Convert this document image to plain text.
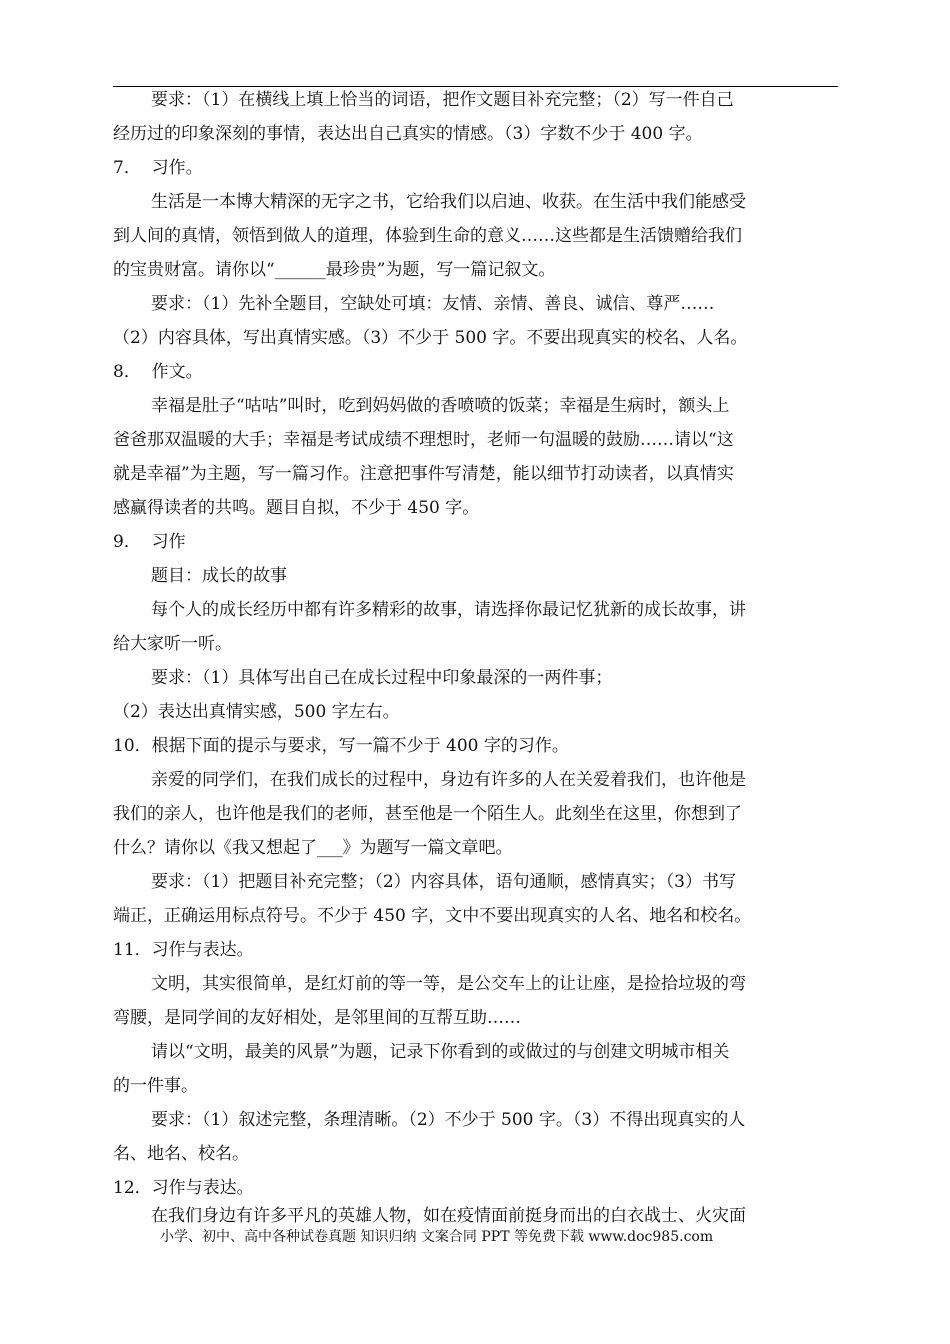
要求：（1）在横线上填上恰当的词语，把作文题目补充完整；（2）写一件自己
经历过的印象深刻的事情，表达出自己真实的情感。（3）字数不少于 400 字。
7．  习作。
生活是一本博大精深的无字之书，它给我们以启迪、收获。在生活中我们能感受
到人间的真情，领悟到做人的道理，体验到生命的意义……这些都是生活馈赠给我们
的宝贵财富。请你以“______最珍贵”为题，写一篇记叙文。
要求：（1）先补全题目，空缺处可填：友情、亲情、善良、诚信、尊严……
（2）内容具体，写出真情实感。（3）不少于 500 字。不要出现真实的校名、人名。
8．  作文。
幸福是肚子“咕咕”叫时，吃到妈妈做的香喷喷的饭菜；幸福是生病时，额头上
爸爸那双温暖的大手；幸福是考试成绩不理想时，老师一句温暖的鼓励……请以“这
就是幸福”为主题，写一篇习作。注意把事件写清楚，能以细节打动读者，以真情实
感赢得读者的共鸣。题目自拟，不少于 450 字。
9．  习作
题目：成长的故事
每个人的成长经历中都有许多精彩的故事，请选择你最记忆犹新的成长故事，讲
给大家听一听。
要求：（1）具体写出自己在成长过程中印象最深的一两件事；
（2）表达出真情实感，500 字左右。
10．根据下面的提示与要求，写一篇不少于 400 字的习作。
亲爱的同学们，在我们成长的过程中，身边有许多的人在关爱着我们，也许他是
我们的亲人，也许他是我们的老师，甚至他是一个陌生人。此刻坐在这里，你想到了
什么？请你以《我又想起了___》为题写一篇文章吧。
要求：（1）把题目补充完整；（2）内容具体，语句通顺，感情真实；（3）书写
端正，正确运用标点符号。不少于 450 字，文中不要出现真实的人名、地名和校名。
11．习作与表达。
文明，其实很简单，是红灯前的等一等，是公交车上的让让座，是捡拾垃圾的弯
弯腰，是同学间的友好相处，是邻里间的互帮互助……
请以“文明，最美的风景”为题，记录下你看到的或做过的与创建文明城市相关
的一件事。
要求：（1）叙述完整，条理清晰。（2）不少于 500 字。（3）不得出现真实的人
名、地名、校名。
12．习作与表达。
在我们身边有许多平凡的英雄人物，如在疫情面前挺身而出的白衣战士、火灾面
小学、初中、高中各种试卷真题 知识归纳 文案合同 PPT 等免费下载 www.doc985.com
